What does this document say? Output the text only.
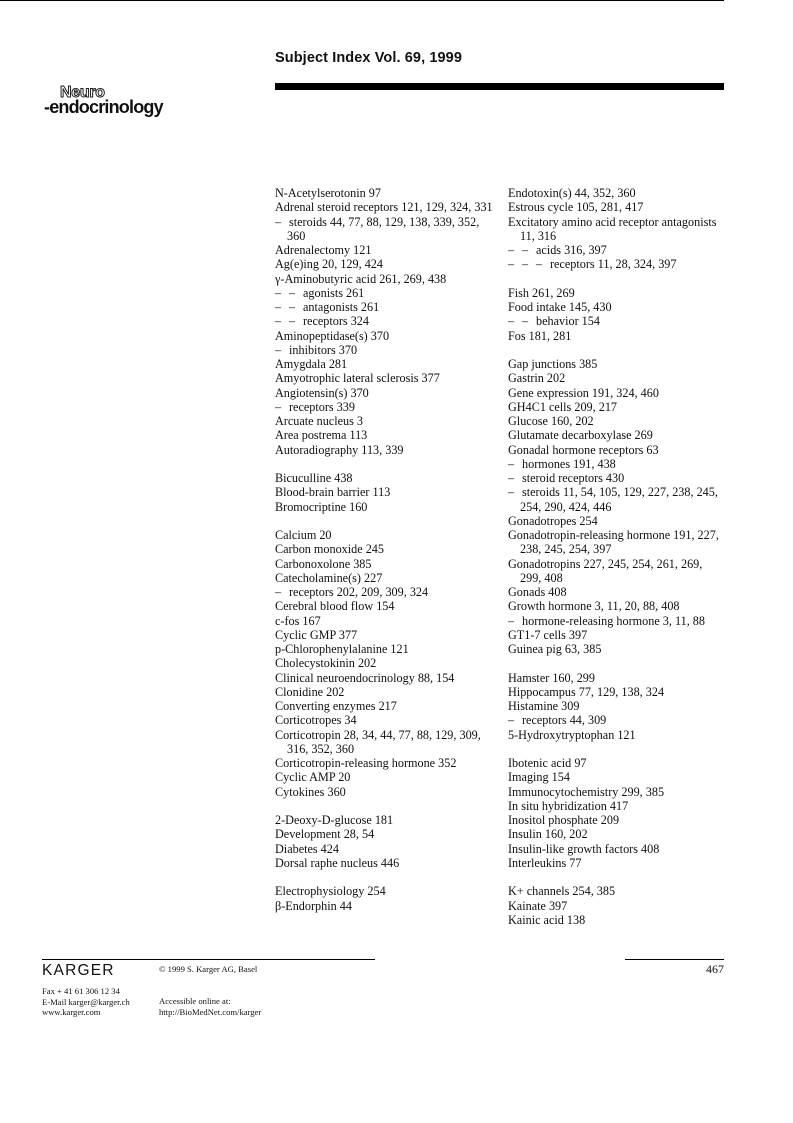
Subject Index Vol. 69, 1999
Neuro
-endocrinology
N-Acetylserotonin 97
Adrenal steroid receptors 121, 129, 324, 331
– steroids 44, 77, 88, 129, 138, 339, 352, 360
Adrenalectomy 121
Ag(e)ing 20, 129, 424
γ-Aminobutyric acid 261, 269, 438
– – agonists 261
– – antagonists 261
– – receptors 324
Aminopeptidase(s) 370
– inhibitors 370
Amygdala 281
Amyotrophic lateral sclerosis 377
Angiotensin(s) 370
– receptors 339
Arcuate nucleus 3
Area postrema 113
Autoradiography 113, 339
Bicuculline 438
Blood-brain barrier 113
Bromocriptine 160
Calcium 20
Carbon monoxide 245
Carbonoxolone 385
Catecholamine(s) 227
– receptors 202, 209, 309, 324
Cerebral blood flow 154
c-fos 167
Cyclic GMP 377
p-Chlorophenylalanine 121
Cholecystokinin 202
Clinical neuroendocrinology 88, 154
Clonidine 202
Converting enzymes 217
Corticotropes 34
Corticotropin 28, 34, 44, 77, 88, 129, 309, 316, 352, 360
Corticotropin-releasing hormone 352
Cyclic AMP 20
Cytokines 360
2-Deoxy-D-glucose 181
Development 28, 54
Diabetes 424
Dorsal raphe nucleus 446
Electrophysiology 254
β-Endorphin 44
Endotoxin(s) 44, 352, 360
Estrous cycle 105, 281, 417
Excitatory amino acid receptor antagonists 11, 316
– – acids 316, 397
– – – receptors 11, 28, 324, 397
Fish 261, 269
Food intake 145, 430
– – behavior 154
Fos 181, 281
Gap junctions 385
Gastrin 202
Gene expression 191, 324, 460
GH4C1 cells 209, 217
Glucose 160, 202
Glutamate decarboxylase 269
Gonadal hormone receptors 63
– hormones 191, 438
– steroid receptors 430
– steroids 11, 54, 105, 129, 227, 238, 245, 254, 290, 424, 446
Gonadotropes 254
Gonadotropin-releasing hormone 191, 227, 238, 245, 254, 397
Gonadotropins 227, 245, 254, 261, 269, 299, 408
Gonads 408
Growth hormone 3, 11, 20, 88, 408
– hormone-releasing hormone 3, 11, 88
GT1-7 cells 397
Guinea pig 63, 385
Hamster 160, 299
Hippocampus 77, 129, 138, 324
Histamine 309
– receptors 44, 309
5-Hydroxytryptophan 121
Ibotenic acid 97
Imaging 154
Immunocytochemistry 299, 385
In situ hybridization 417
Inositol phosphate 209
Insulin 160, 202
Insulin-like growth factors 408
Interleukins 77
K+ channels 254, 385
Kainate 397
Kainic acid 138
KARGER	© 1999 S. Karger AG, Basel
Fax + 41 61 306 12 34
E-Mail karger@karger.ch
www.karger.com
Accessible online at:
http://BioMedNet.com/karger
467
